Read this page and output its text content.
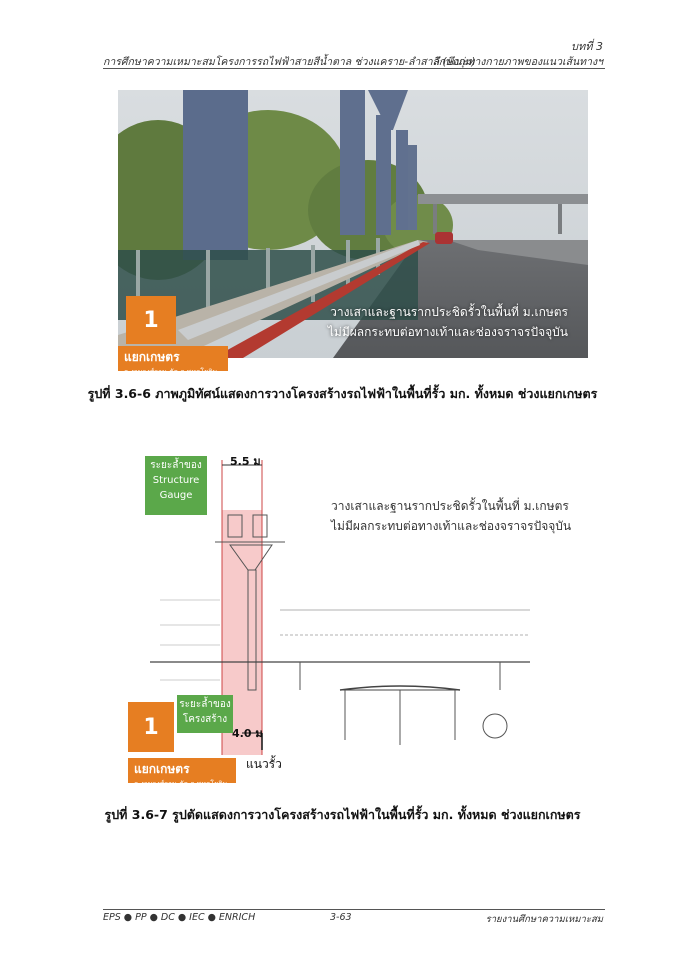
บทที่ 3
การศึกษาความเหมาะสมโครงการรถไฟฟ้าสายสีน้ำตาล ช่วงแคราย-ลำสาลี (บึงกุ่ม)
ลักษณะทางกายภาพของแนวเส้นทางฯ
วางเสาและฐานรากประชิดรั้วในพื้นที่ ม.เกษตร
ไม่มีผลกระทบต่อทางเท้าและช่องจราจรปัจจุบัน
1
แยกเกษตร
ถ.งามวงศ์วาน ตัด ถ.พหลโยธิน
รูปที่ 3.6-6 ภาพภูมิทัศน์แสดงการวางโครงสร้างรถไฟฟ้าในพื้นที่รั้ว มก. ทั้งหมด ช่วงแยกเกษตร
ระยะล้ำของ
Structure
Gauge
5.5 ม
วางเสาและฐานรากประชิดรั้วในพื้นที่ ม.เกษตร
ไม่มีผลกระทบต่อทางเท้าและช่องจราจรปัจจุบัน
ระยะล้ำของ
โครงสร้าง
4.0 ม
แนวรั้ว
1
แยกเกษตร
ถ.งามวงศ์วาน ตัด ถ.พหลโยธิน
รูปที่ 3.6-7 รูปตัดแสดงการวางโครงสร้างรถไฟฟ้าในพื้นที่รั้ว มก. ทั้งหมด ช่วงแยกเกษตร
EPS ● PP ● DC ● IEC ● ENRICH	3-63	รายงานศึกษาความเหมาะสม
